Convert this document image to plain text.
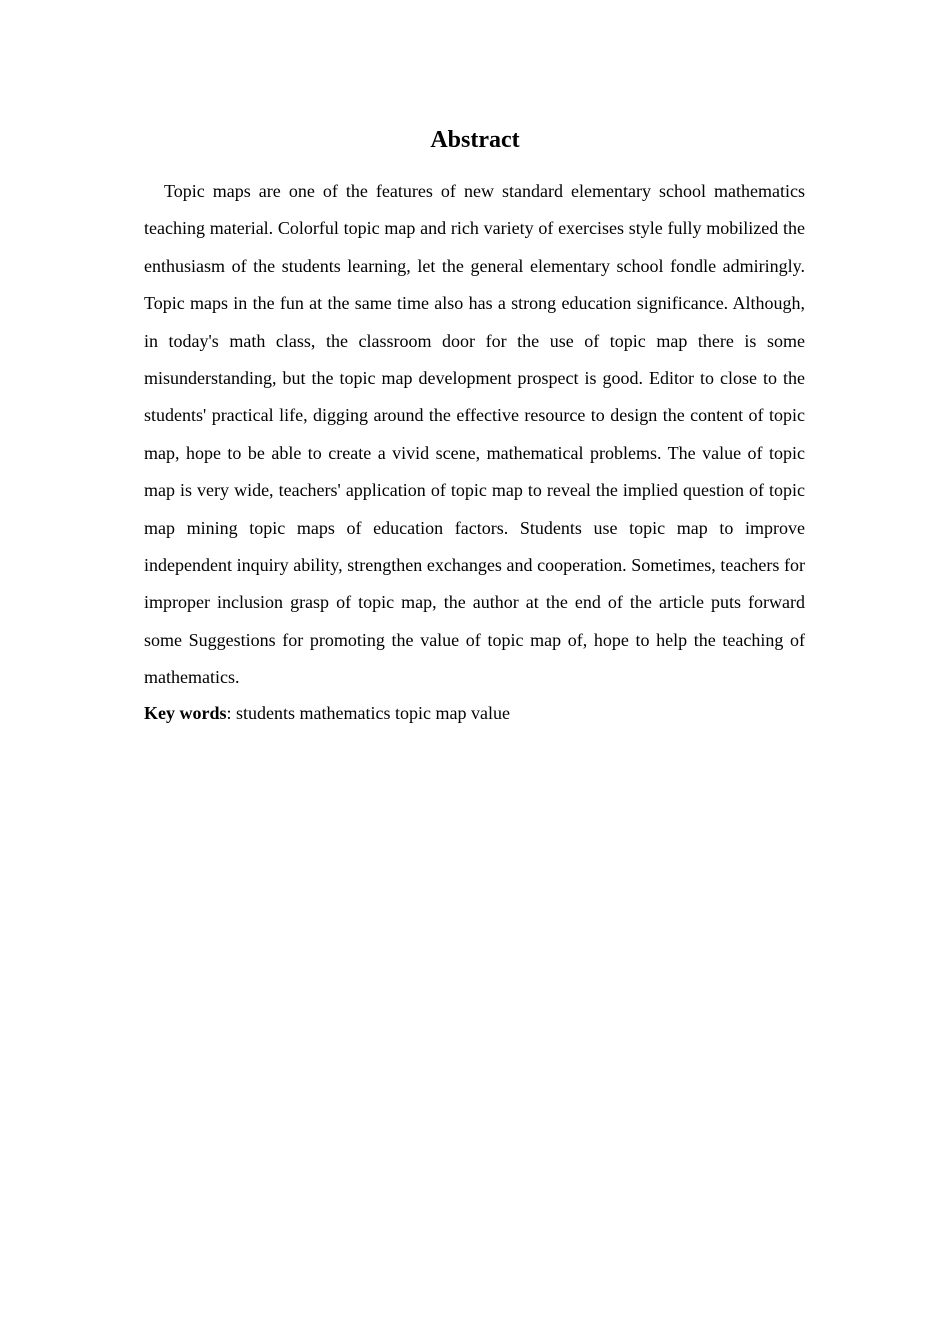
Abstract

Topic maps are one of the features of new standard elementary school mathematics teaching material. Colorful topic map and rich variety of exercises style fully mobilized the enthusiasm of the students learning, let the general elementary school fondle admiringly. Topic maps in the fun at the same time also has a strong education significance. Although, in today's math class, the classroom door for the use of topic map there is some misunderstanding, but the topic map development prospect is good. Editor to close to the students' practical life, digging around the effective resource to design the content of topic map, hope to be able to create a vivid scene, mathematical problems. The value of topic map is very wide, teachers' application of topic map to reveal the implied question of topic map mining topic maps of education factors. Students use topic map to improve independent inquiry ability, strengthen exchanges and cooperation. Sometimes, teachers for improper inclusion grasp of topic map, the author at the end of the article puts forward some Suggestions for promoting the value of topic map of, hope to help the teaching of mathematics.

Key words: students mathematics topic map value
